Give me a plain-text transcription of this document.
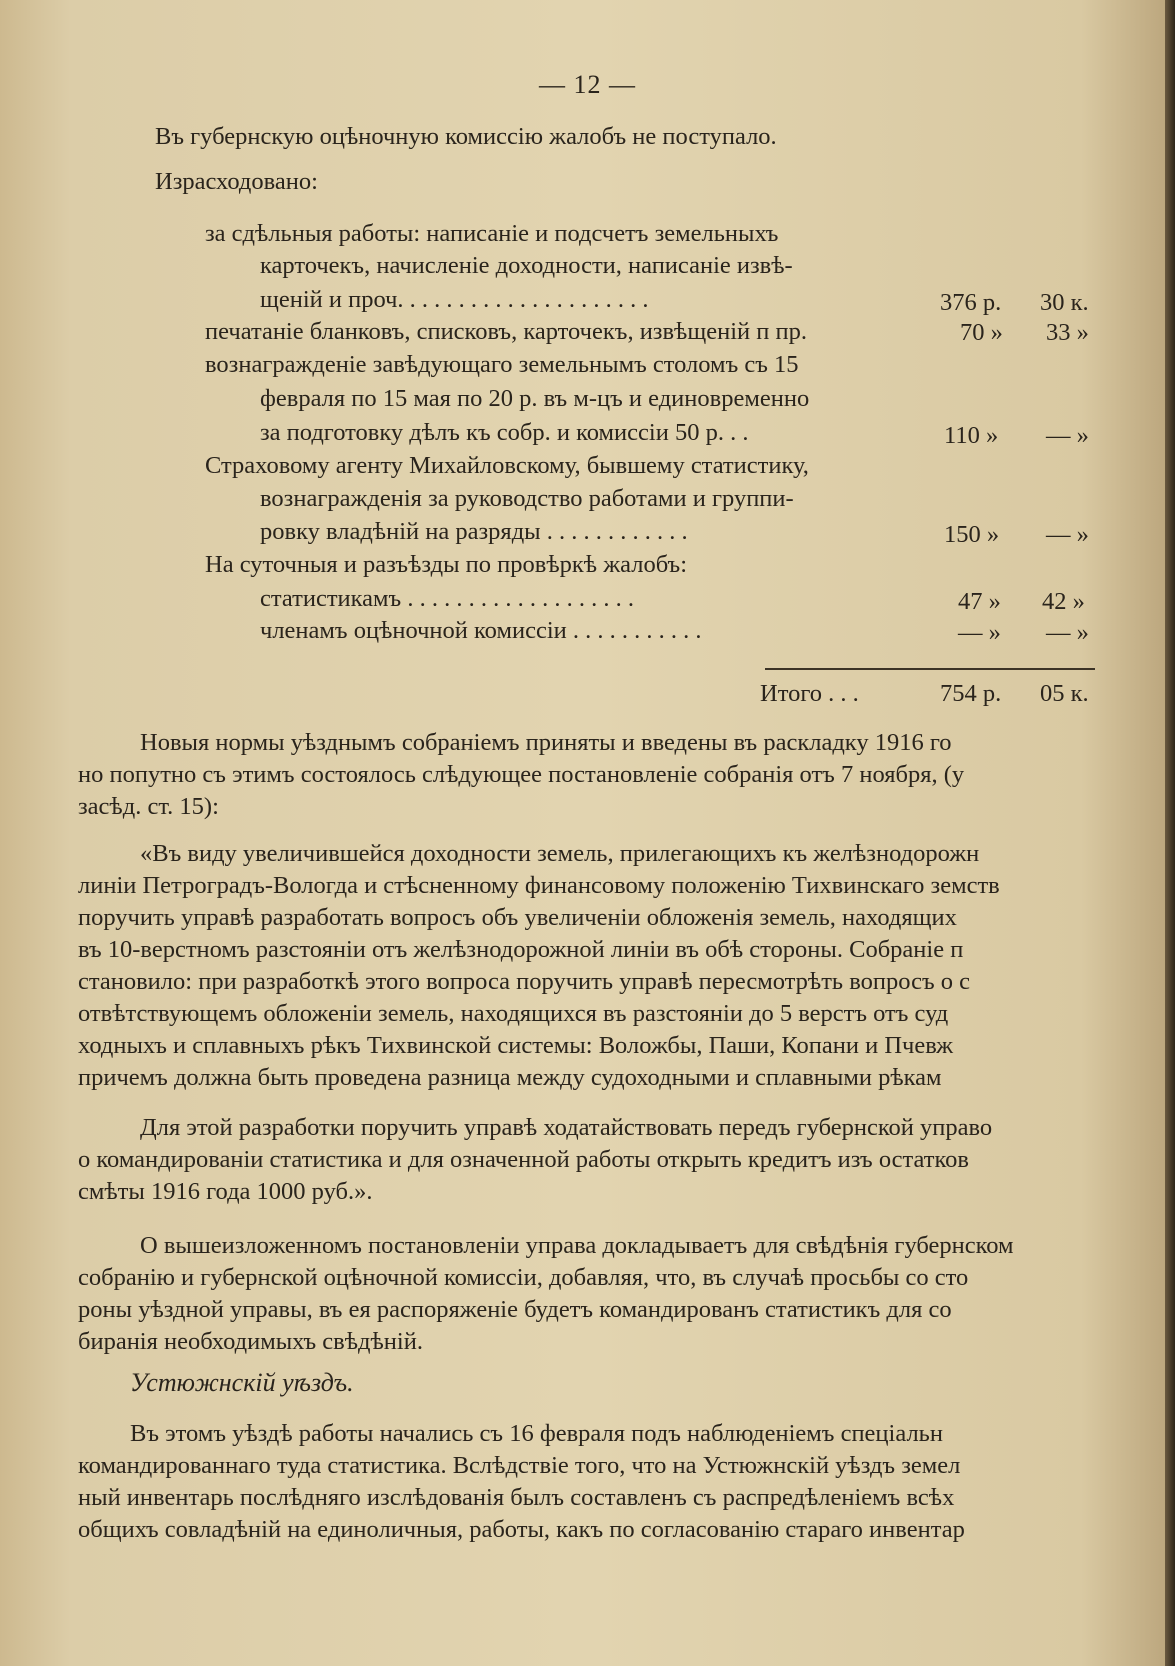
— 12 —
Въ губернскую оцѣночную комиссію жалобъ не поступало.
Израсходовано:
за сдѣльныя работы: написаніе и подсчетъ земельныхъ
карточекъ, начисленіе доходности, написаніе извѣ-
щеній и проч. . . . . . . . . . . . . . . . . . . . .	376 р. 30 к.
печатаніе бланковъ, списковъ, карточекъ, извѣщеній п пр.	70 » 33 »
вознагражденіе завѣдующаго земельнымъ столомъ съ 15
февраля по 15 мая по 20 р. въ м-цъ и единовременно
за подготовку дѣлъ къ собр. и комиссіи 50 р. . .	110 » — »
Страховому агенту Михайловскому, бывшему статистику,
вознагражденія за руководство работами и группи-
ровку владѣній на разряды . . . . . . . . . . . .	150 » — »
На суточныя и разъѣзды по провѣркѣ жалобъ:
статистикамъ . . . . . . . . . . . . . . . . . . .	47 » 42 »
членамъ оцѣночной комиссіи . . . . . . . . . . .	— » — »
Итого . . .	754 р. 05 к.

Новыя нормы уѣзднымъ собраніемъ приняты и введены въ раскладку 1916 го

но попутно съ этимъ состоялось слѣдующее постановленіе собранія отъ 7 ноября, (у

засѣд. ст. 15):

«Въ виду увеличившейся доходности земель, прилегающихъ къ желѣзнодорожн

линіи Петроградъ-Вологда и стѣсненному финансовому положенію Тихвинскаго земств

поручить управѣ разработать вопросъ объ увеличеніи обложенія земель, находящих

въ 10-верстномъ разстояніи отъ желѣзнодорожной линіи въ обѣ стороны. Собраніе п

становило: при разработкѣ этого вопроса поручить управѣ пересмотрѣть вопросъ о с

отвѣтствующемъ обложеніи земель, находящихся въ разстояніи до 5 верстъ отъ суд

ходныхъ и сплавныхъ рѣкъ Тихвинской системы: Воложбы, Паши, Копани и Пчевж

причемъ должна быть проведена разница между судоходными и сплавными рѣкам

Для этой разработки поручить управѣ ходатайствовать передъ губернской управо

о командированіи статистика и для означенной работы открыть кредитъ изъ остатков

смѣты 1916 года 1000 руб.».

О вышеизложенномъ постановленіи управа докладываетъ для свѣдѣнія губернском

собранію и губернской оцѣночной комиссіи, добавляя, что, въ случаѣ просьбы со сто

роны уѣздной управы, въ ея распоряженіе будетъ командированъ статистикъ для со

биранія необходимыхъ свѣдѣній.

Устюжнскій уѣздъ.

Въ этомъ уѣздѣ работы начались съ 16 февраля подъ наблюденіемъ спеціальн

командированнаго туда статистика. Вслѣдствіе того, что на Устюжнскій уѣздъ земел

ный инвентарь послѣдняго изслѣдованія былъ составленъ съ распредѣленіемъ всѣх

общихъ совладѣній на единоличныя, работы, какъ по согласованію стараго инвентар
